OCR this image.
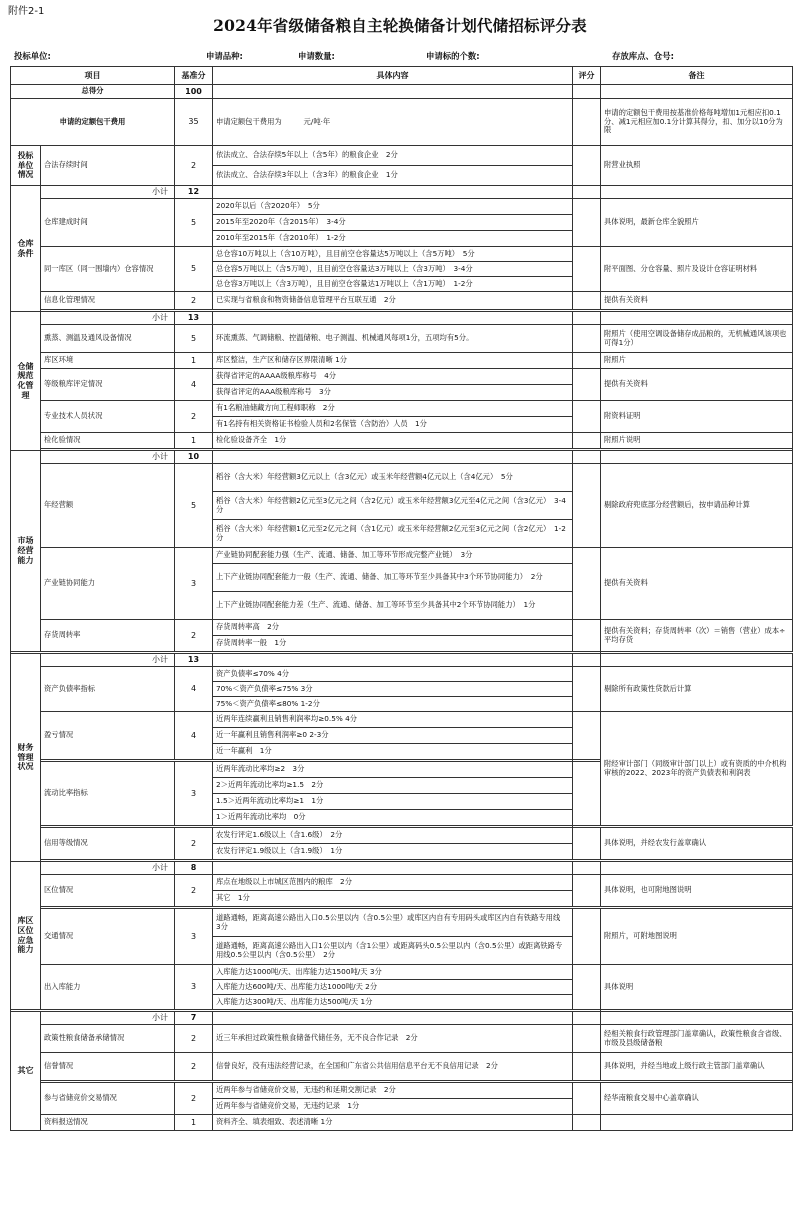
附件2-1
2024年省级储备粮自主轮换储备计划代储招标评分表
投标单位:	申请品种:	申请数量:	申请标的个数:	存放库点、仓号:
项目		基准分	具体内容	评分	备注
总得分		100			
申请的定额包干费用		35	申请定额包干费用为　　　元/吨·年		申请的定额包干费用按基准价格每吨增加1元相应扣0.1分、减1元相应加0.1分计算其得分，扣、加分以10分为限
投标单位情况	合法存续时间	2	依法成立、合法存续5年以上（含5年）的粮食企业　2分		附营业执照
			依法成立、合法存续3年以上（含3年）的粮食企业　1分		
仓库条件	小计	12			
	仓库建成时间	5	2020年以后（含2020年）　5分		具体说明，最新仓库全貌照片
			2015年至2020年（含2015年）　3-4分		
			2010年至2015年（含2010年）　1-2分		
	同一库区（同一围墙内）仓容情况	5	总仓容10万吨以上（含10万吨），且目前空仓容量达5万吨以上（含5万吨）　5分		附平面图、分仓容量、照片及设计仓容证明材料
			总仓容5万吨以上（含5万吨），且目前空仓容量达3万吨以上（含3万吨）　3-4分		
			总仓容3万吨以上（含3万吨），且目前空仓容量达1万吨以上（含1万吨）　1-2分		
	信息化管理情况	2	已实现与省粮食和物资储备信息管理平台互联互通　2分		提供有关资料

仓储规范化管理	小计	13			
	熏蒸、测温及通风设备情况	5	环流熏蒸、气调储粮、控温储粮、电子测温、机械通风每项1分，五项均有5分。		附照片（使用空调设备储存成品粮的，无机械通风该项也可得1分）
	库区环境	1	库区整洁，生产区和储存区界限清晰 1分		附照片
	等级粮库评定情况	4	获得省评定的AAAA级粮库称号　4分		提供有关资料
			获得省评定的AAA级粮库称号　3分		
	专业技术人员状况	2	有1名粮油储藏方向工程师职称　2分		附资料证明
			有1名持有相关资格证书检验人员和2名保管（含防治）人员　1分		
	检化验情况	1	检化验设备齐全　1分		附照片说明

市场经营能力	小计	10			
	年经营额	5	稻谷（含大米）年经营额3亿元以上（含3亿元）或玉米年经营额4亿元以上（含4亿元）　5分		剔除政府兜底部分经营额后，按申请品种计算
			稻谷（含大米）年经营额2亿元至3亿元之间（含2亿元）或玉米年经营额3亿元至4亿元之间（含3亿元）　3-4分		
			稻谷（含大米）年经营额1亿元至2亿元之间（含1亿元）或玉米年经营额2亿元至3亿元之间（含2亿元）　1-2分		
	产业链协同能力	3	产业链协同配套能力强（生产、流通、储备、加工等环节形成完整产业链）　3分		提供有关资料
			上下产业链协同配套能力一般（生产、流通、储备、加工等环节至少具备其中3个环节协同能力）　2分		
			上下产业链协同配套能力差（生产、流通、储备、加工等环节至少具备其中2个环节协同能力）　1分		
	存货周转率	2	存货周转率高　2分		提供有关资料；存货周转率（次）＝销售（营业）成本÷平均存货
			存货周转率一般　1分		

财务管理状况	小计	13			
	资产负债率指标	4	资产负债率≤70% 4分		剔除所有政策性贷款后计算
			70%＜资产负债率≤75% 3分		
			75%＜资产负债率≤80% 1-2分		
	盈亏情况	4	近两年连续赢利且销售利润率均≥0.5% 4分		附经审计部门（同级审计部门以上）或有资质的中介机构审核的2022、2023年的资产负债表和利润表
			近一年赢利且销售利润率≥0 2-3分		
			近一年赢利　1分		

	流动比率指标	3	近两年流动比率均≥2　3分		
			2＞近两年流动比率均≥1.5　2分		
			1.5＞近两年流动比率均≥1　1分		
			1＞近两年流动比率均　0分		

	信用等级情况	2	农发行评定1.6级以上（含1.6级）　2分		具体说明，并经农发行盖章确认
			农发行评定1.9级以上（含1.9级）　1分		

库区区位应急能力	小计	8			
	区位情况	2	库点在地级以上市城区范围内的粮库　2分		具体说明，也可附地图说明
			其它　1分		

	交通情况	3	道路通畅，距离高速公路出入口0.5公里以内（含0.5公里）或库区内自有专用码头或库区内自有铁路专用线　3分		附照片，可附地图说明
			道路通畅，距离高速公路出入口1公里以内（含1公里）或距离码头0.5公里以内（含0.5公里）或距离铁路专用线0.5公里以内（含0.5公里）　2分		
	出入库能力	3	入库能力达1000吨/天、出库能力达1500吨/天 3分		具体说明
			入库能力达600吨/天、出库能力达1000吨/天 2分		
			入库能力达300吨/天、出库能力达500吨/天 1分		

其它	小计	7			
	政策性粮食储备承储情况	2	近三年承担过政策性粮食储备代储任务，无不良合作记录　2分		经相关粮食行政管理部门盖章确认，政策性粮食含省级、市级及县级储备粮
	信誉情况	2	信誉良好，没有违法经营记录，在全国和广东省公共信用信息平台无不良信用记录　2分		具体说明，并经当地或上级行政主管部门盖章确认

	参与省储竞价交易情况	2	近两年参与省储竞价交易，无违约和延期交割记录　2分		经华南粮食交易中心盖章确认
			近两年参与省储竞价交易，无违约记录　1分		
	资料报送情况	1	资料齐全、填表细致、表述清晰 1分		
